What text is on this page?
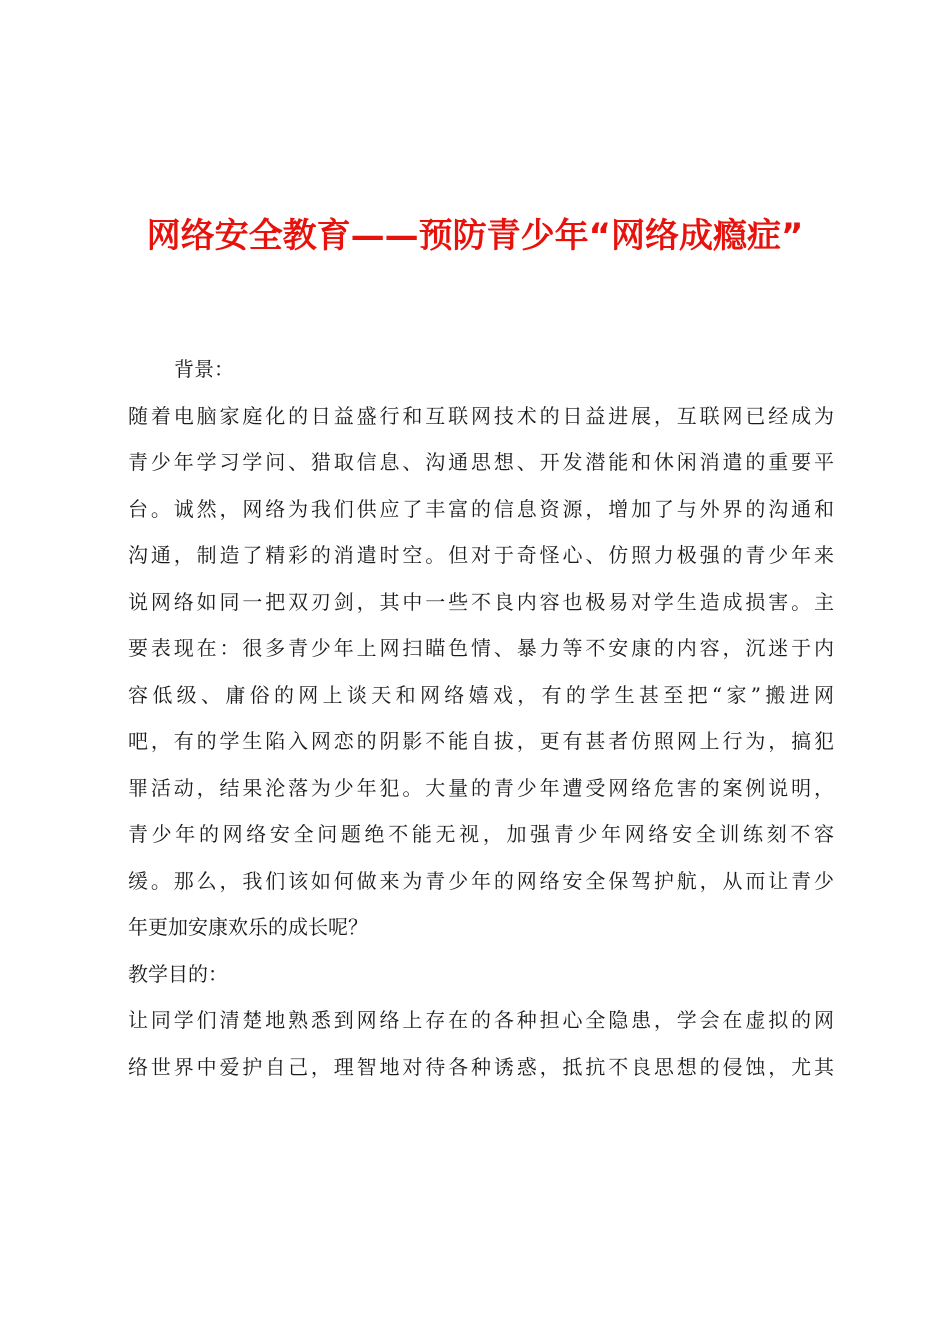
网络安全教育——预防青少年“网络成瘾症”

背景：

随着电脑家庭化的日益盛行和互联网技术的日益进展，互联网已经成为
青少年学习学问、猎取信息、沟通思想、开发潜能和休闲消遣的重要平
台。诚然，网络为我们供应了丰富的信息资源，增加了与外界的沟通和
沟通，制造了精彩的消遣时空。但对于奇怪心、仿照力极强的青少年来
说网络如同一把双刃剑，其中一些不良内容也极易对学生造成损害。主
要表现在：很多青少年上网扫瞄色情、暴力等不安康的内容，沉迷于内
容低级、庸俗的网上谈天和网络嬉戏，有的学生甚至把“家”搬进网
吧，有的学生陷入网恋的阴影不能自拔，更有甚者仿照网上行为，搞犯
罪活动，结果沦落为少年犯。大量的青少年遭受网络危害的案例说明，
青少年的网络安全问题绝不能无视，加强青少年网络安全训练刻不容
缓。那么，我们该如何做来为青少年的网络安全保驾护航，从而让青少
年更加安康欢乐的成长呢？

教学目的：

让同学们清楚地熟悉到网络上存在的各种担心全隐患，学会在虚拟的网
络世界中爱护自己，理智地对待各种诱惑，抵抗不良思想的侵蚀，尤其
